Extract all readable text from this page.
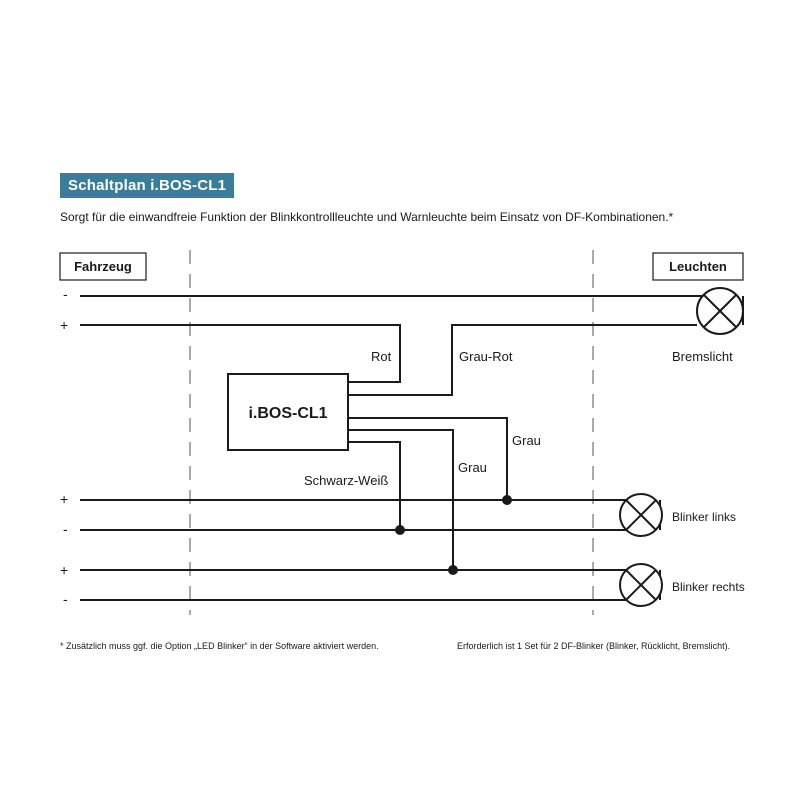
Schaltplan i.BOS-CL1
Sorgt für die einwandfreie Funktion der Blinkkontrollleuchte und Warnleuchte beim Einsatz von DF-Kombinationen.*
Fahrzeug	Leuchten
-
+
+
-
+
-
i.BOS-CL1
Rot	Grau-Rot
Grau
Grau
Schwarz-Weiß
Bremslicht
Blinker links
Blinker rechts
* Zusätzlich muss ggf. die Option „LED Blinker“ in der Software aktiviert werden.	Erforderlich ist 1 Set für 2 DF-Blinker (Blinker, Rücklicht, Bremslicht).
